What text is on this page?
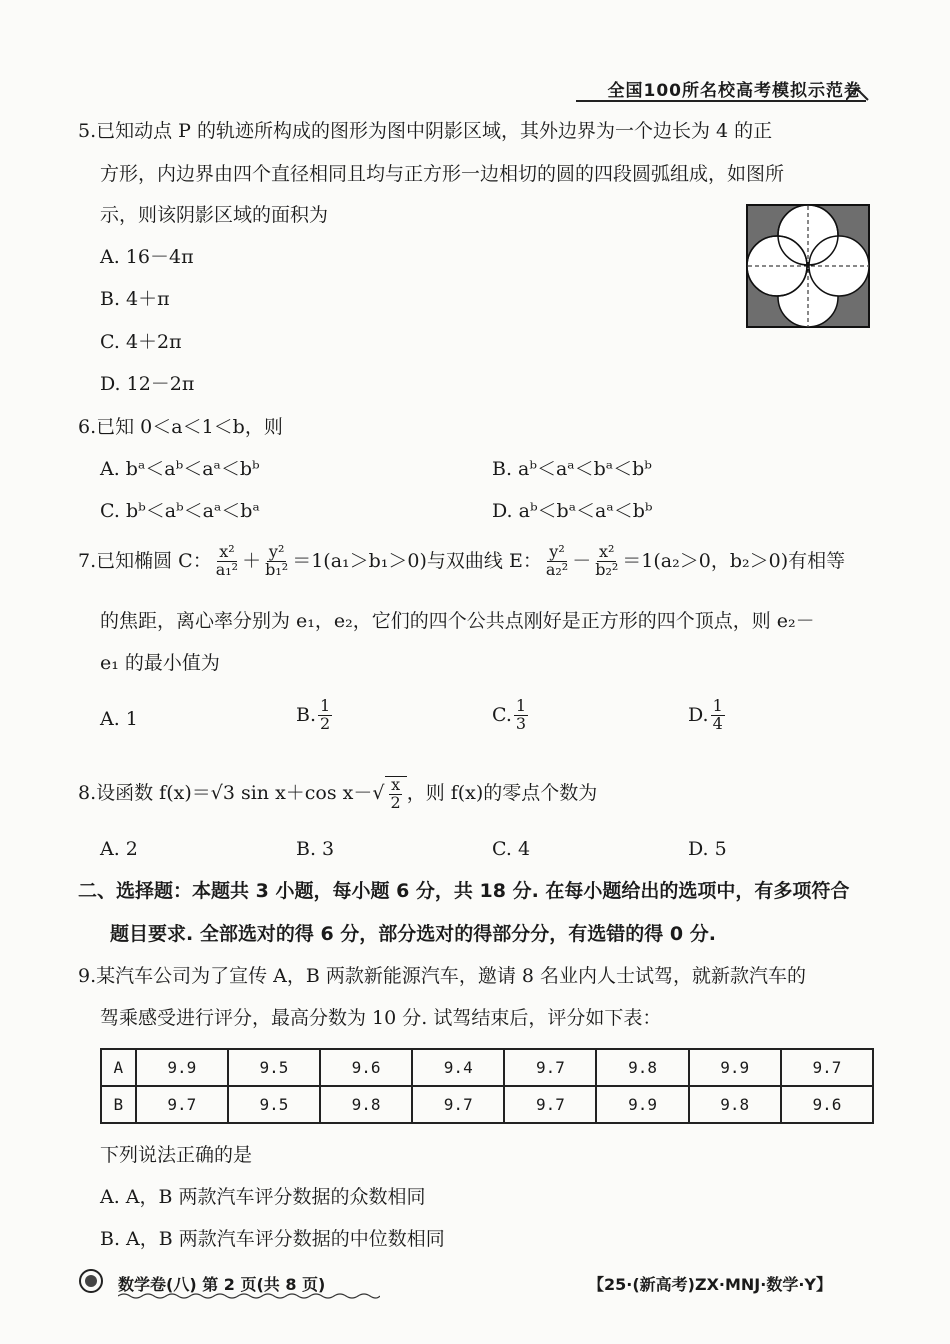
全国100所名校高考模拟示范卷
5.已知动点 P 的轨迹所构成的图形为图中阴影区域，其外边界为一个边长为 4 的正
方形，内边界由四个直径相同且均与正方形一边相切的圆的四段圆弧组成，如图所
示，则该阴影区域的面积为
A. 16－4π
B. 4＋π
C. 4＋2π
D. 12－2π
6.已知 0＜a＜1＜b，则
A. bᵃ＜aᵇ＜aᵃ＜bᵇ	B. aᵇ＜aᵃ＜bᵃ＜bᵇ
C. bᵇ＜aᵇ＜aᵃ＜bᵃ	D. aᵇ＜bᵃ＜aᵃ＜bᵇ
7.已知椭圆 C： $\frac{\text{x²}}{\text{a₁²}} + \frac{\text{y²}}{\text{b₁²}} =1(a_1>b_1>0)$与双曲线 E： $\frac{\text{y²}}{\text{a₂²}} - \frac{\text{x²}}{\text{b₂²}} =1(a_2>0$，b₂＞0)有相等
的焦距，离心率分别为 e₁，e₂，它们的四个公共点刚好是正方形的四个顶点，则 e₂－
e₁ 的最小值为
A. 1	B. $\frac{1}{2}$	C. $\frac{1}{3}$	D. $\frac{1}{4}$
8.设函数 f(x)＝√3 sin x＋cos x－ √ $\frac{x}{2}$ ，则 f(x)的零点个数为
A. 2	B. 3	C. 4	D. 5
二、选择题：本题共 3 小题，每小题 6 分，共 18 分. 在每小题给出的选项中，有多项符合
题目要求. 全部选对的得 6 分，部分选对的得部分分，有选错的得 0 分.
9.某汽车公司为了宣传 A，B 两款新能源汽车，邀请 8 名业内人士试驾，就新款汽车的
驾乘感受进行评分，最高分数为 10 分. 试驾结束后，评分如下表：
A	9.9	9.5	9.6	9.4	9.7	9.8	9.9	9.7
B	9.7	9.5	9.8	9.7	9.7	9.9	9.8	9.6
下列说法正确的是
A. A，B 两款汽车评分数据的众数相同
B. A，B 两款汽车评分数据的中位数相同
数学卷(八) 第 2 页(共 8 页)	【25·(新高考)ZX·MNJ·数学·Y】
